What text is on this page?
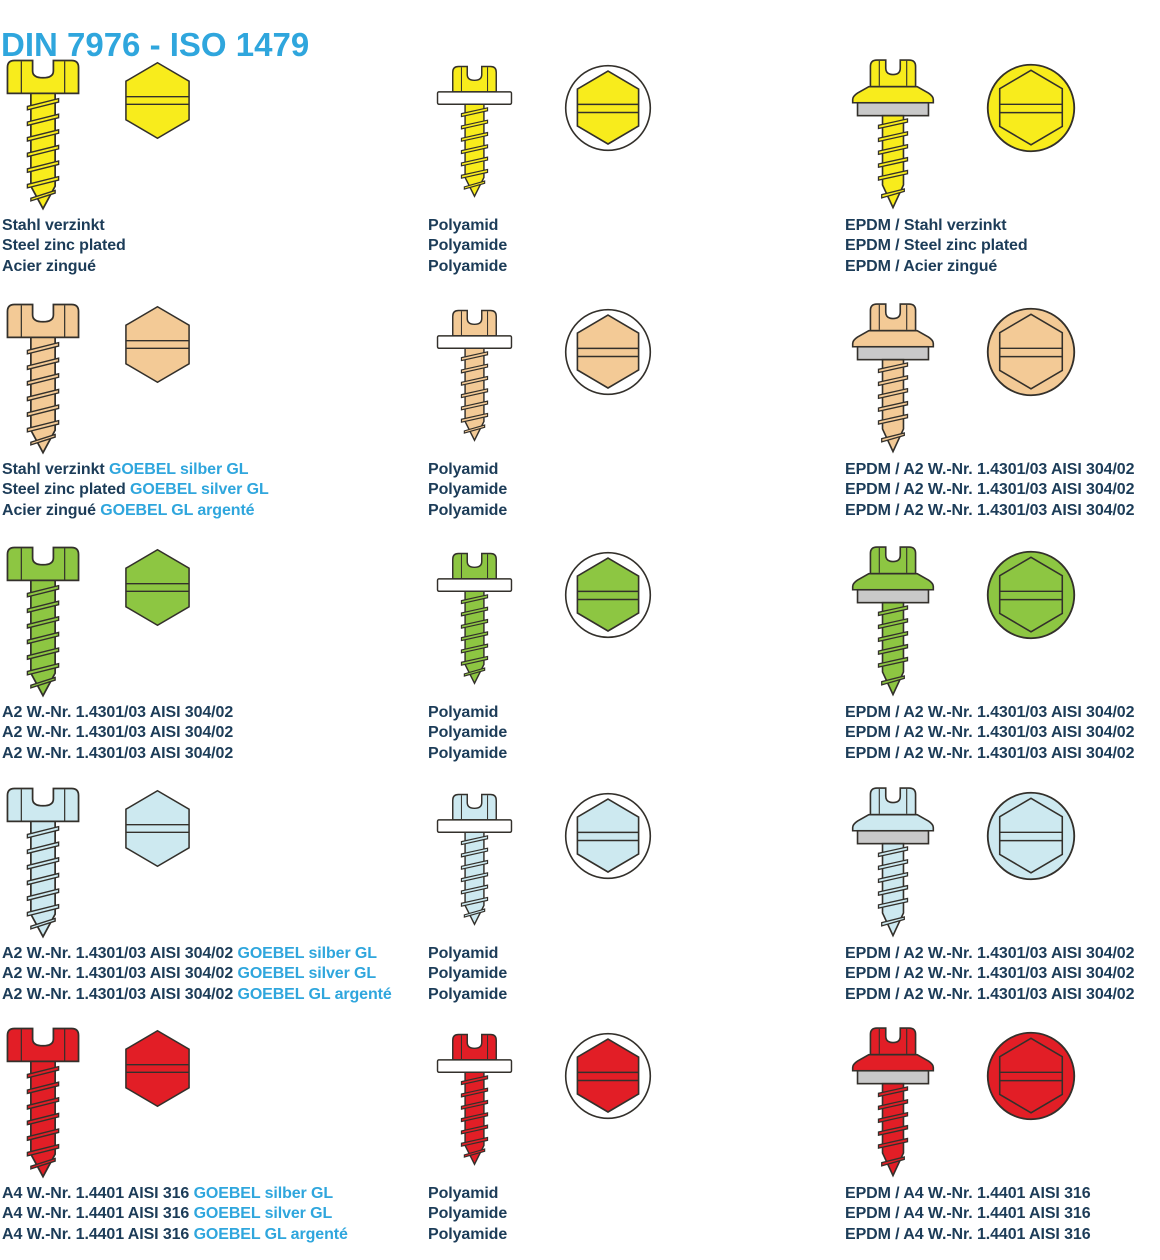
DIN 7976 - ISO 1479
Stahl verzinkt
Steel zinc plated
Acier zingué
Polyamid
Polyamide
Polyamide
EPDM / Stahl verzinkt
EPDM / Steel zinc plated
EPDM / Acier zingué
Stahl verzinkt GOEBEL silber GL
Steel zinc plated GOEBEL silver GL
Acier zingué GOEBEL GL argenté
Polyamid
Polyamide
Polyamide
EPDM / A2 W.-Nr. 1.4301/03 AISI 304/02
EPDM / A2 W.-Nr. 1.4301/03 AISI 304/02
EPDM / A2 W.-Nr. 1.4301/03 AISI 304/02
A2 W.-Nr. 1.4301/03 AISI 304/02
A2 W.-Nr. 1.4301/03 AISI 304/02
A2 W.-Nr. 1.4301/03 AISI 304/02
Polyamid
Polyamide
Polyamide
EPDM / A2 W.-Nr. 1.4301/03 AISI 304/02
EPDM / A2 W.-Nr. 1.4301/03 AISI 304/02
EPDM / A2 W.-Nr. 1.4301/03 AISI 304/02
A2 W.-Nr. 1.4301/03 AISI 304/02 GOEBEL silber GL
A2 W.-Nr. 1.4301/03 AISI 304/02 GOEBEL silver GL
A2 W.-Nr. 1.4301/03 AISI 304/02 GOEBEL GL argenté
Polyamid
Polyamide
Polyamide
EPDM / A2 W.-Nr. 1.4301/03 AISI 304/02
EPDM / A2 W.-Nr. 1.4301/03 AISI 304/02
EPDM / A2 W.-Nr. 1.4301/03 AISI 304/02
A4 W.-Nr. 1.4401 AISI 316 GOEBEL silber GL
A4 W.-Nr. 1.4401 AISI 316 GOEBEL silver GL
A4 W.-Nr. 1.4401 AISI 316 GOEBEL GL argenté
Polyamid
Polyamide
Polyamide
EPDM / A4 W.-Nr. 1.4401 AISI 316
EPDM / A4 W.-Nr. 1.4401 AISI 316
EPDM / A4 W.-Nr. 1.4401 AISI 316
